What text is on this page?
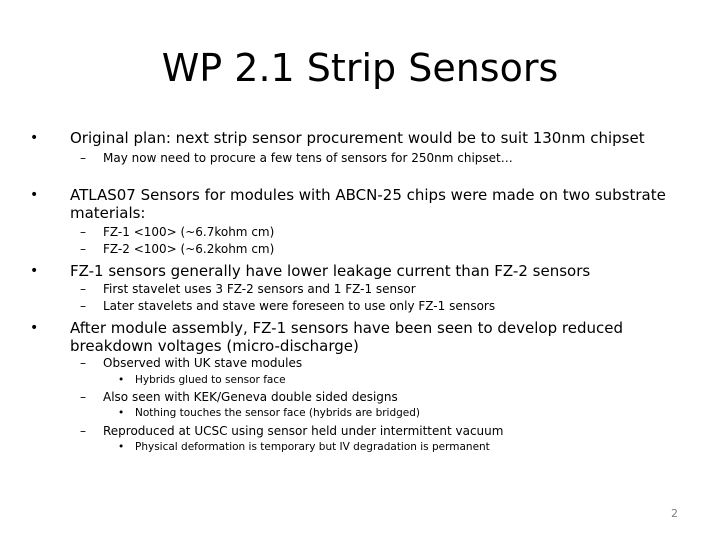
WP 2.1 Strip Sensors
• Original plan: next strip sensor procurement would be to suit 130nm chipset
– May now need to procure a few tens of sensors for 250nm chipset…
• ATLAS07 Sensors for modules with ABCN-25 chips were made on two substrate
materials:
– FZ-1 <100> (~6.7kohm cm)
– FZ-2 <100> (~6.2kohm cm)
• FZ-1 sensors generally have lower leakage current than FZ-2 sensors
– First stavelet uses 3 FZ-2 sensors and 1 FZ-1 sensor
– Later stavelets and stave were foreseen to use only FZ-1 sensors
• After module assembly, FZ-1 sensors have been seen to develop reduced
breakdown voltages (micro-discharge)
– Observed with UK stave modules
• Hybrids glued to sensor face
– Also seen with KEK/Geneva double sided designs
• Nothing touches the sensor face (hybrids are bridged)
– Reproduced at UCSC using sensor held under intermittent vacuum
• Physical deformation is temporary but IV degradation is permanent
2
